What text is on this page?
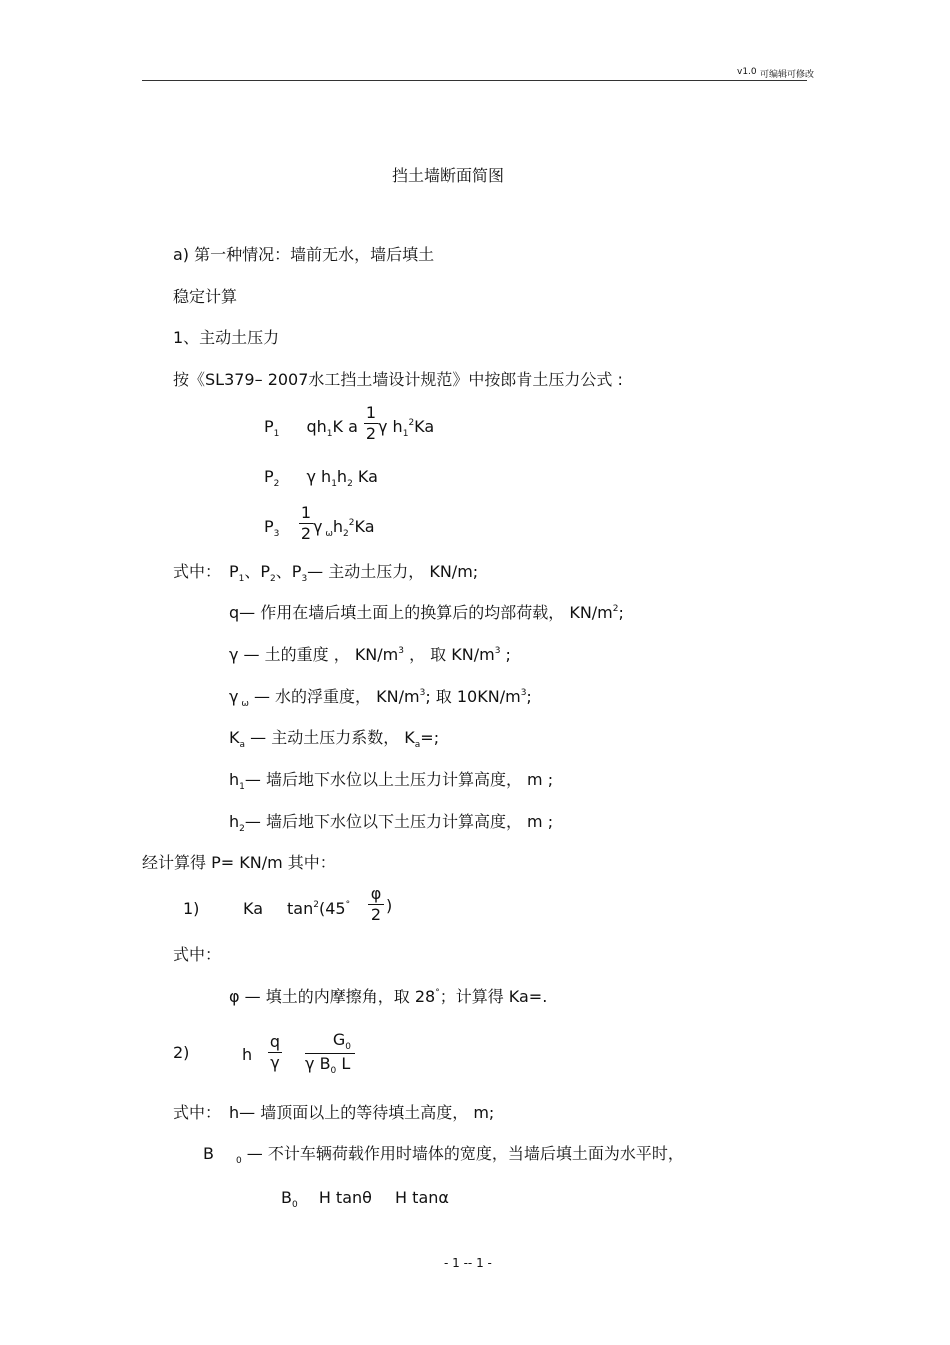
v1.0 可编辑可修改
挡土墙断面简图
a) 第一种情况：墙前无水，墙后填土
稳定计算
1、主动土压力
按《SL379– 2007水工挡土墙设计规范》中按郎肯土压力公式 :
$P_1$ $qh_1K$ a
1
2 γ $h_1^2Ka$
$P_2$ γ $h_1h_2$ Ka
$P_3$
1
2 γ $_\omega h_2^2Ka$
式中： $P_1$、$P_2$、$P_3—$ 主动土压力， KN/m;
q— 作用在墙后填土面上的换算后的均部荷载， $KN/m^2$;
γ — 土的重度 ， $KN/m^3$ ， 取 $KN/m^3$ ;
γ $_\omega$ — 水的浮重度， $KN/m^3$; 取 $10KN/m^3$;
$K_a$ — 主动土压力系数， $K_a=$;
$h_1—$ 墙后地下水位以上土压力计算高度， m ;
$h_2—$ 墙后地下水位以下土压力计算高度， m ;
经计算得 P= KN/m 其中：
1)	Ka $\tan^2(45^\circ$
φ
2 )
式中：
φ — 填土的内摩擦角，取 28°；计算得 Ka=.
2)	h
q
γ
$G_0$
γ $B_0$ L
式中： h— 墙顶面以上的等待填土高度， m;
B $_0$ — 不计车辆荷载作用时墙体的宽度，当墙后填土面为水平时，
$B_0$ H tanθ H tanα
- 1 -- 1 -
